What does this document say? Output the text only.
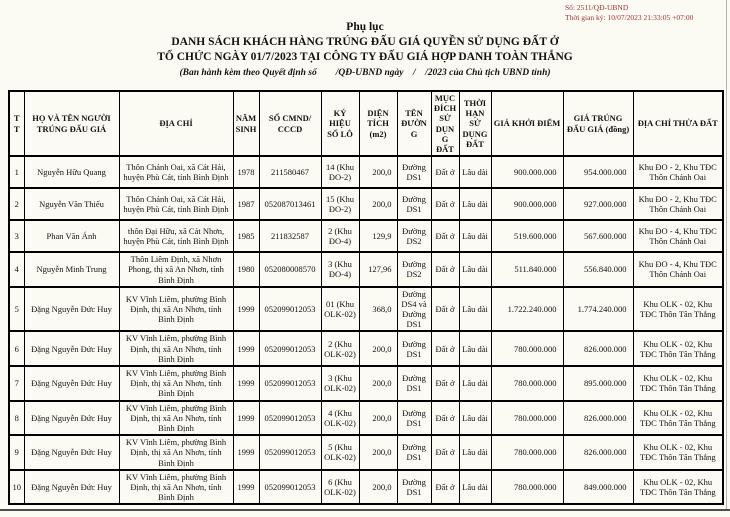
Số: 2511/QĐ-UBND
Thời gian ký: 10/07/2023 21:33:05 +07:00
Phụ lục
DANH SÁCH KHÁCH HÀNG TRÚNG ĐẤU GIÁ QUYỀN SỬ DỤNG ĐẤT Ở
TỔ CHỨC NGÀY 01/7/2023 TẠI CÔNG TY ĐẤU GIÁ HỢP DANH TOÀN THẮNG
(Ban hành kèm theo Quyết định số        /QĐ-UBND ngày    /    /2023 của Chủ tịch UBND tỉnh)
TT	HỌ VÀ TÊN NGƯỜI TRÚNG ĐẤU GIÁ	ĐỊA CHỈ	NĂM SINH	SỐ CMND/ CCCD	KÝ HIỆU SỐ LÔ	DIỆN TÍCH (m2)	TÊN ĐƯỜNG	MỤC ĐÍCH SỬ DỤNG ĐẤT	THỜI HẠN SỬ DỤNG ĐẤT	GIÁ KHỞI ĐIỂM	GIÁ TRÚNG ĐẤU GIÁ (đồng)	ĐỊA CHỈ THỬA ĐẤT
1	Nguyễn Hữu Quang	Thôn Chánh Oai, xã Cát Hải, huyện Phù Cát, tỉnh Bình Định	1978	211580467	14 (Khu ĐO-2)	200,0	Đường DS1	Đất ở	Lâu dài	900.000.000	954.000.000	Khu ĐO - 2, Khu TĐC Thôn Chánh Oai
2	Nguyễn Văn Thiếu	Thôn Chánh Oai, xã Cát Hải, huyện Phù Cát, tỉnh Bình Định	1987	052087013461	15 (Khu ĐO-2)	200,0	Đường DS1	Đất ở	Lâu dài	900.000.000	927.000.000	Khu ĐO - 2, Khu TĐC Thôn Chánh Oai
3	Phan Văn Ánh	thôn Đại Hữu, xã Cát Nhơn, huyện Phù Cát, tỉnh Bình Định	1985	211832587	2 (Khu ĐO-4)	129,9	Đường DS2	Đất ở	Lâu dài	519.600.000	567.600.000	Khu ĐO - 4, Khu TĐC Thôn Chánh Oai
4	Nguyễn Minh Trung	Thôn Liêm Định, xã Nhơn Phong, thị xã An Nhơn, tỉnh Bình Định	1980	052080008570	3 (Khu ĐO-4)	127,96	Đường DS2	Đất ở	Lâu dài	511.840.000	556.840.000	Khu ĐO - 4, Khu TĐC Thôn Chánh Oai
5	Đặng Nguyễn Đức Huy	KV Vĩnh Liêm, phường Bình Định, thị xã An Nhơn, tỉnh Bình Định	1999	052099012053	01 (Khu OLK-02)	368,0	Đường DS4 và Đường DS1	Đất ở	Lâu dài	1.722.240.000	1.774.240.000	Khu OLK - 02, Khu TĐC Thôn Tân Thắng
6	Đặng Nguyễn Đức Huy	KV Vĩnh Liêm, phường Bình Định, thị xã An Nhơn, tỉnh Bình Định	1999	052099012053	2 (Khu OLK-02)	200,0	Đường DS1	Đất ở	Lâu dài	780.000.000	826.000.000	Khu OLK - 02, Khu TĐC Thôn Tân Thắng
7	Đặng Nguyễn Đức Huy	KV Vĩnh Liêm, phường Bình Định, thị xã An Nhơn, tỉnh Bình Định	1999	052099012053	3 (Khu OLK-02)	200,0	Đường DS1	Đất ở	Lâu dài	780.000.000	895.000.000	Khu OLK - 02, Khu TĐC Thôn Tân Thắng
8	Đặng Nguyễn Đức Huy	KV Vĩnh Liêm, phường Bình Định, thị xã An Nhơn, tỉnh Bình Định	1999	052099012053	4 (Khu OLK-02)	200,0	Đường DS1	Đất ở	Lâu dài	780.000.000	826.000.000	Khu OLK - 02, Khu TĐC Thôn Tân Thắng
9	Đặng Nguyễn Đức Huy	KV Vĩnh Liêm, phường Bình Định, thị xã An Nhơn, tỉnh Bình Định	1999	052099012053	5 (Khu OLK-02)	200,0	Đường DS1	Đất ở	Lâu dài	780.000.000	826.000.000	Khu OLK - 02, Khu TĐC Thôn Tân Thắng
10	Đặng Nguyễn Đức Huy	KV Vĩnh Liêm, phường Bình Định, thị xã An Nhơn, tỉnh Bình Định	1999	052099012053	6 (Khu OLK-02)	200,0	Đường DS1	Đất ở	Lâu dài	780.000.000	849.000.000	Khu OLK - 02, Khu TĐC Thôn Tân Thắng
